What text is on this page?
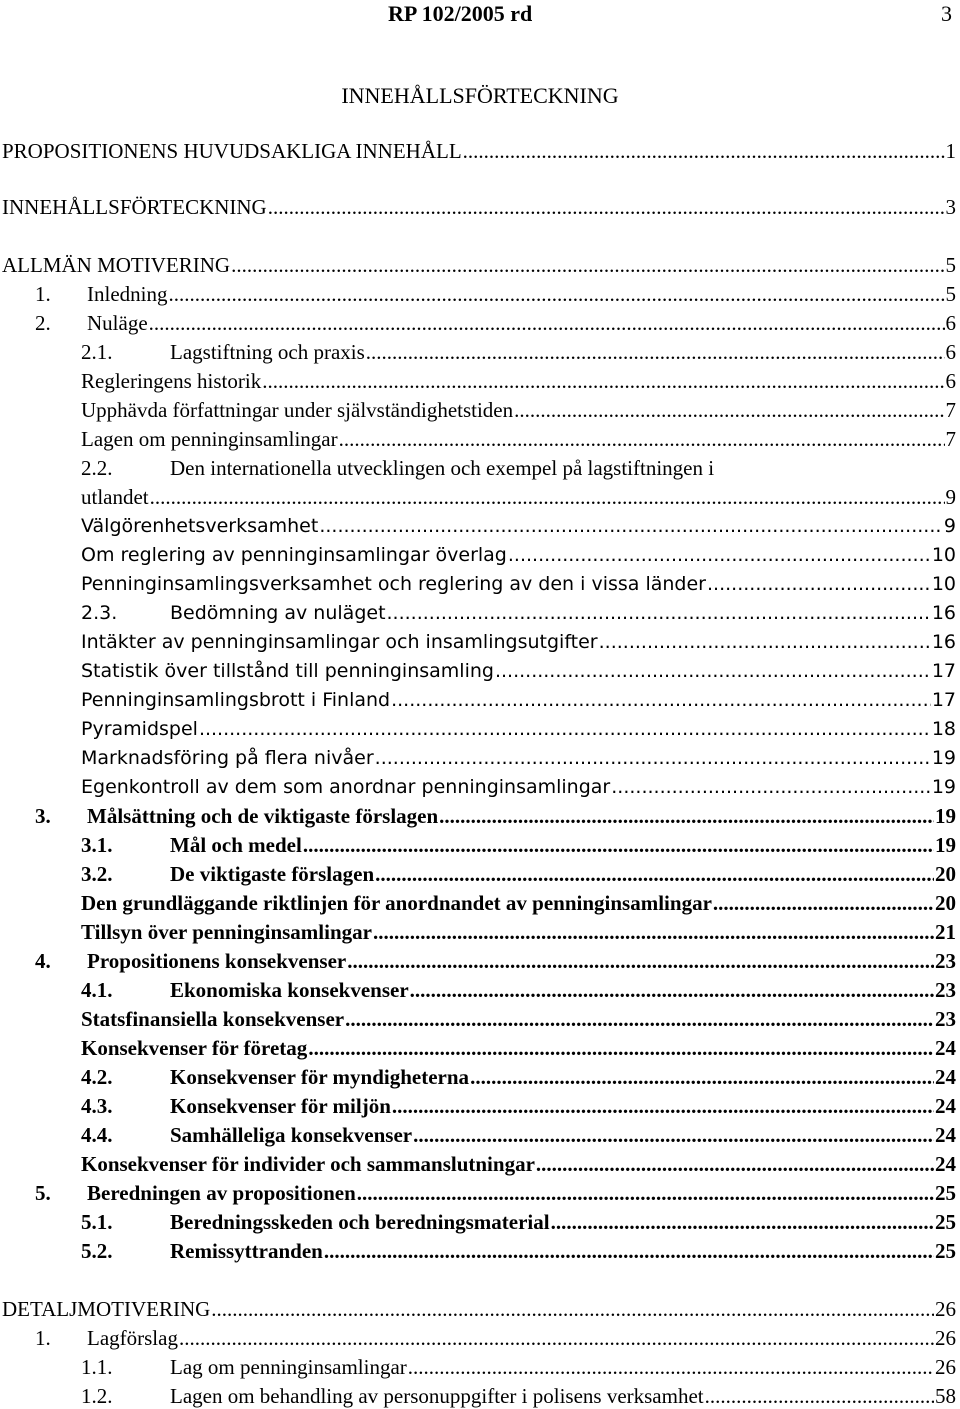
RP 102/2005 rd	3
INNEHÅLLSFÖRTECKNING
PROPOSITIONENS HUVUDSAKLIGA INNEHÅLL .....	1
INNEHÅLLSFÖRTECKNING .....	3
ALLMÄN MOTIVERING .....	5
1. Inledning .....	5
2. Nuläge .....	6
2.1.	Lagstiftning och praxis .....	6
Regleringens historik .....	6
Upphävda författningar under självständighetstiden .....	7
Lagen om penninginsamlingar .....	7
2.2.	Den internationella utvecklingen och exempel på lagstiftningen i
utlandet .....	9
Välgörenhetsverksamhet .....	9
Om reglering av penninginsamlingar överlag .....	10
Penninginsamlingsverksamhet och reglering av den i vissa länder .....	10
2.3.	Bedömning av nuläget .....	16
Intäkter av penninginsamlingar och insamlingsutgifter .....	16
Statistik över tillstånd till penninginsamling .....	17
Penninginsamlingsbrott i Finland .....	17
Pyramidspel .....	18
Marknadsföring på flera nivåer .....	19
Egenkontroll av dem som anordnar penninginsamlingar .....	19
3. Målsättning och de viktigaste förslagen .....	19
3.1.	Mål och medel .....	19
3.2.	De viktigaste förslagen .....	20
Den grundläggande riktlinjen för anordnandet av penninginsamlingar .....	20
Tillsyn över penninginsamlingar .....	21
4. Propositionens konsekvenser .....	23
4.1.	Ekonomiska konsekvenser .....	23
Statsfinansiella konsekvenser .....	23
Konsekvenser för företag .....	24
4.2.	Konsekvenser för myndigheterna .....	24
4.3.	Konsekvenser för miljön .....	24
4.4.	Samhälleliga konsekvenser .....	24
Konsekvenser för individer och sammanslutningar .....	24
5. Beredningen av propositionen .....	25
5.1.	Beredningsskeden och beredningsmaterial .....	25
5.2.	Remissyttranden .....	25
DETALJMOTIVERING .....	26
1. Lagförslag .....	26
1.1.	Lag om penninginsamlingar .....	26
1.2.	Lagen om behandling av personuppgifter i polisens verksamhet .....	58
